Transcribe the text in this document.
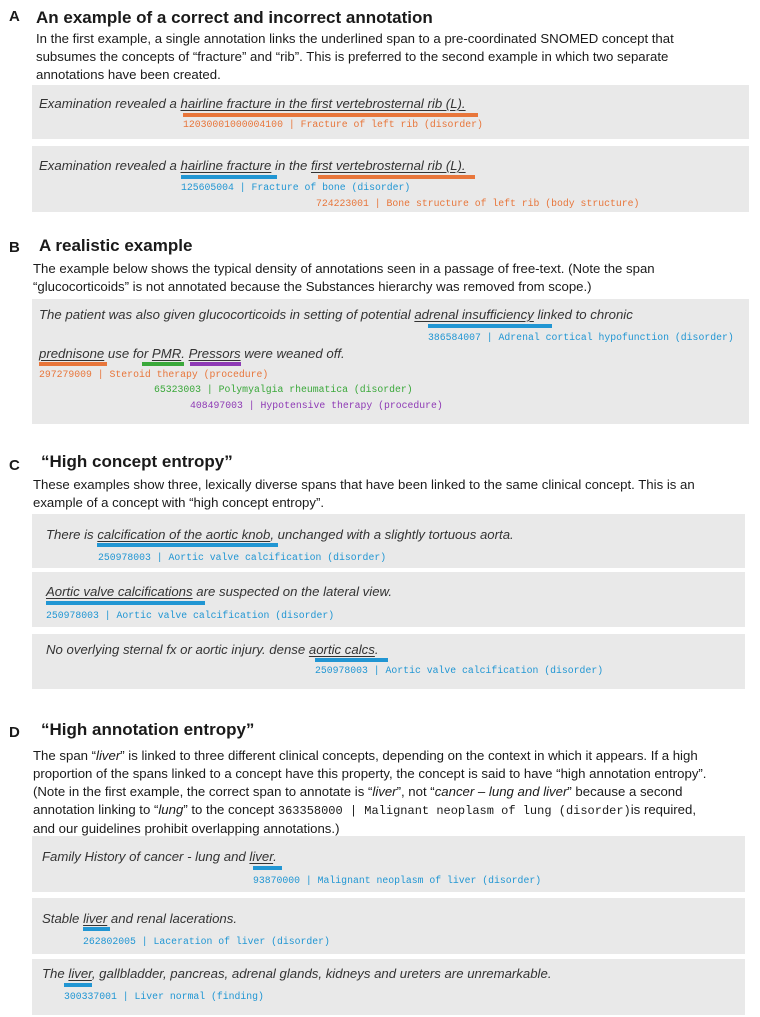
A An example of a correct and incorrect annotation
In the first example, a single annotation links the underlined span to a pre-coordinated SNOMED concept that
subsumes the concepts of “fracture” and “rib”. This is preferred to the second example in which two separate
annotations have been created.
Examination revealed a hairline fracture in the first vertebrosternal rib (L).
12030001000004100 | Fracture of left rib (disorder)
Examination revealed a hairline fracture in the first vertebrosternal rib (L).
125605004 | Fracture of bone (disorder)
724223001 | Bone structure of left rib (body structure)
B A realistic example
The example below shows the typical density of annotations seen in a passage of free-text. (Note the span
“glucocorticoids” is not annotated because the Substances hierarchy was removed from scope.)
The patient was also given glucocorticoids in setting of potential adrenal insufficiency linked to chronic
386584007 | Adrenal cortical hypofunction (disorder)
prednisone use for PMR. Pressors were weaned off.
297279009 | Steroid therapy (procedure)
65323003 | Polymyalgia rheumatica (disorder)
408497003 | Hypotensive therapy (procedure)
C “High concept entropy”
These examples show three, lexically diverse spans that have been linked to the same clinical concept. This is an
example of a concept with “high concept entropy”.
There is calcification of the aortic knob, unchanged with a slightly tortuous aorta.
250978003 | Aortic valve calcification (disorder)
Aortic valve calcifications are suspected on the lateral view.
250978003 | Aortic valve calcification (disorder)
No overlying sternal fx or aortic injury. dense aortic calcs.
250978003 | Aortic valve calcification (disorder)
D “High annotation entropy”
The span “liver” is linked to three different clinical concepts, depending on the context in which it appears. If a high
proportion of the spans linked to a concept have this property, the concept is said to have “high annotation entropy”.
(Note in the first example, the correct span to annotate is “liver”, not “cancer – lung and liver” because a second
annotation linking to “lung” to the concept 363358000 | Malignant neoplasm of lung (disorder)is required,
and our guidelines prohibit overlapping annotations.)
Family History of cancer - lung and liver.
93870000 | Malignant neoplasm of liver (disorder)
Stable liver and renal lacerations.
262802005 | Laceration of liver (disorder)
The liver, gallbladder, pancreas, adrenal glands, kidneys and ureters are unremarkable.
300337001 | Liver normal (finding)
